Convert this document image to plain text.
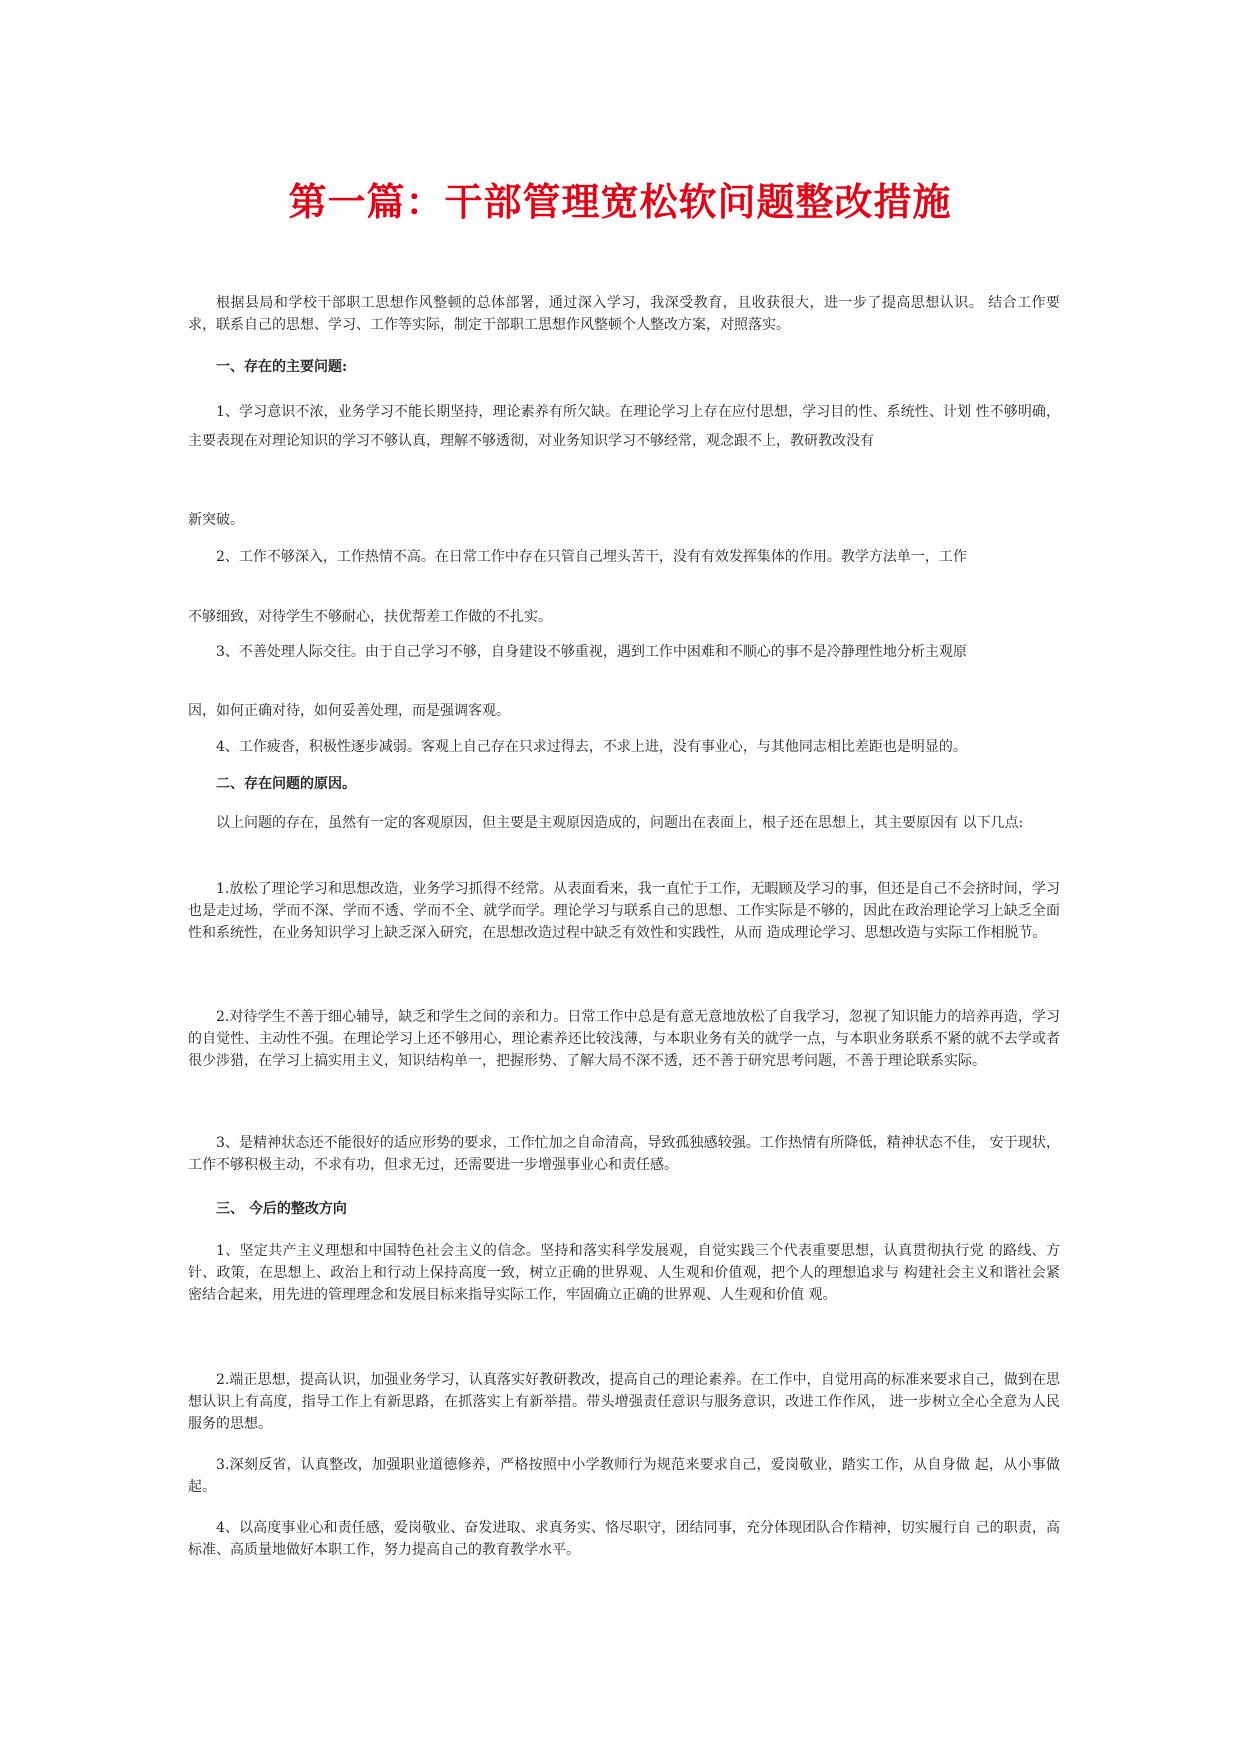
第一篇：干部管理宽松软问题整改措施
根据县局和学校干部职工思想作风整顿的总体部署，通过深入学习，我深受教育，且收获很大，进一步了提高思想认识。 结合工作要求，联系自己的思想、学习、工作等实际，制定干部职工思想作风整顿个人整改方案，对照落实。
一、存在的主要问题:
1、学习意识不浓，业务学习不能长期坚持，理论素养有所欠缺。在理论学习上存在应付思想，学习目的性、系统性、计划 性不够明确，主要表现在对理论知识的学习不够认真，理解不够透彻，对业务知识学习不够经常，观念跟不上，教研教改没有
新突破。
2、工作不够深入，工作热情不高。在日常工作中存在只管自己埋头苦干，没有有效发挥集体的作用。教学方法单一，工作
不够细致，对待学生不够耐心，扶优帮差工作做的不扎实。
3、不善处理人际交往。由于自己学习不够，自身建设不够重视，遇到工作中困难和不顺心的事不是冷静理性地分析主观原
因，如何正确对待，如何妥善处理，而是强调客观。
4、工作疲沓，积极性逐步减弱。客观上自己存在只求过得去，不求上进，没有事业心，与其他同志相比差距也是明显的。
二、存在问题的原因。
以上问题的存在，虽然有一定的客观原因，但主要是主观原因造成的，问题出在表面上，根子还在思想上，其主要原因有 以下几点:
1.放松了理论学习和思想改造，业务学习抓得不经常。从表面看来，我一直忙于工作，无暇顾及学习的事，但还是自己不会挤时间，学习也是走过场，学而不深、学而不透、学而不全、就学而学。理论学习与联系自己的思想、工作实际是不够的，因此在政治理论学习上缺乏全面性和系统性，在业务知识学习上缺乏深入研究，在思想改造过程中缺乏有效性和实践性，从而 造成理论学习、思想改造与实际工作相脱节。
2.对待学生不善于细心辅导，缺乏和学生之间的亲和力。日常工作中总是有意无意地放松了自我学习，忽视了知识能力的培养再造，学习的自觉性、主动性不强。在理论学习上还不够用心，理论素养还比较浅薄，与本职业务有关的就学一点，与本职业务联系不紧的就不去学或者很少涉猎，在学习上搞实用主义，知识结构单一，把握形势、了解大局不深不透，还不善于研究思考问题，不善于理论联系实际。
3、是精神状态还不能很好的适应形势的要求，工作忙加之自命清高，导致孤独感较强。工作热情有所降低，精神状态不佳， 安于现状，工作不够积极主动，不求有功，但求无过，还需要进一步增强事业心和责任感。
三、 今后的整改方向
1、坚定共产主义理想和中国特色社会主义的信念。坚持和落实科学发展观，自觉实践三个代表重要思想，认真贯彻执行党 的路线、方针、政策，在思想上、政治上和行动上保持高度一致，树立正确的世界观、人生观和价值观，把个人的理想追求与 构建社会主义和谐社会紧密结合起来，用先进的管理理念和发展目标来指导实际工作，牢固确立正确的世界观、人生观和价值 观。
2.端正思想，提高认识，加强业务学习，认真落实好教研教改，提高自己的理论素养。在工作中，自觉用高的标准来要求自己，做到在思想认识上有高度，指导工作上有新思路，在抓落实上有新举措。带头增强责任意识与服务意识，改进工作作风， 进一步树立全心全意为人民服务的思想。
3.深刻反省，认真整改，加强职业道德修养，严格按照中小学教师行为规范来要求自己，爱岗敬业，踏实工作，从自身做 起，从小事做起。
4、以高度事业心和责任感，爱岗敬业、奋发进取、求真务实、恪尽职守，团结同事，充分体现团队合作精神，切实履行自 己的职责，高标准、高质量地做好本职工作，努力提高自己的教育教学水平。
